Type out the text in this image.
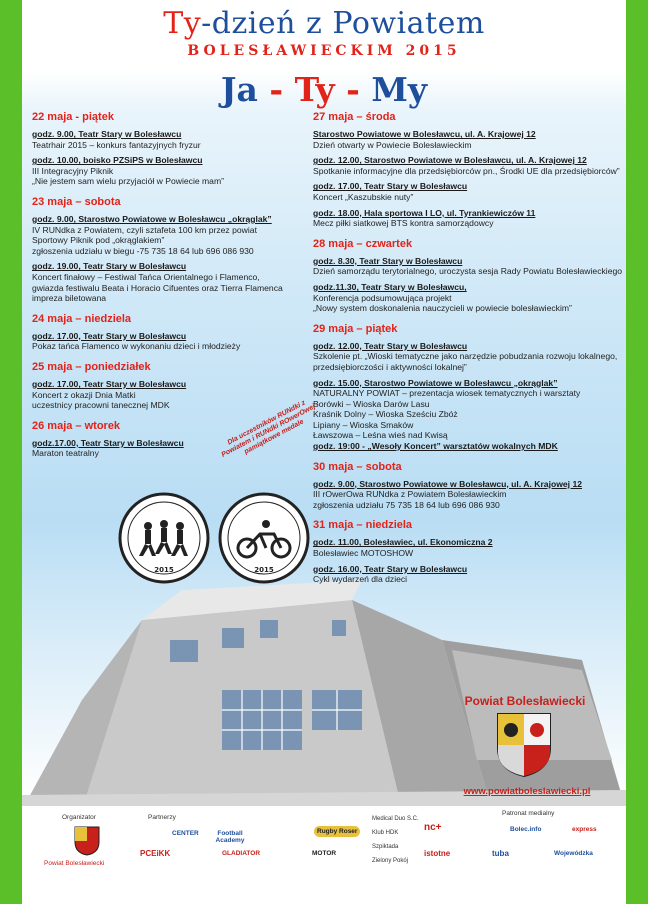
Ty-dzień z Powiatem
BOLESŁAWIECKIM 2015
Ja - Ty - My
22 maja - piątek
godz. 9.00, Teatr Stary w Bolesławcu
Teatrhair 2015 – konkurs fantazyjnych fryzur
godz. 10.00, boisko PZSiPS w Bolesławcu
III Integracyjny Piknik
„Nie jestem sam wielu przyjaciół w Powiecie mam”
23 maja – sobota
godz. 9.00, Starostwo Powiatowe w Bolesławcu „okrąglak”
IV RUNdka z Powiatem, czyli sztafeta 100 km przez powiat
Sportowy Piknik pod „okrąglakiem”
zgłoszenia udziału w biegu -75 735 18 64 lub 696 086 930
godz. 19.00, Teatr Stary w Bolesławcu
Koncert finałowy – Festiwal Tańca Orientalnego i Flamenco,
gwiazda festiwalu Beata i Horacio Cifuentes oraz Tierra Flamenca
impreza biletowana
24 maja – niedziela
godz. 17.00, Teatr Stary w Bolesławcu
Pokaz tańca Flamenco w wykonaniu dzieci i młodzieży
25 maja – poniedziałek
godz. 17.00, Teatr Stary w Bolesławcu
Koncert z okazji Dnia Matki
uczestnicy pracowni tanecznej MDK
26 maja – wtorek
godz.17.00, Teatr Stary w Bolesławcu
Maraton teatralny
27 maja – środa
Starostwo Powiatowe w Bolesławcu, ul. A. Krajowej 12
Dzień otwarty w Powiecie Bolesławieckim
godz. 12.00, Starostwo Powiatowe w Bolesławcu, ul. A. Krajowej 12
Spotkanie informacyjne dla przedsiębiorców pn., Środki UE dla przedsiębiorców”
godz. 17.00, Teatr Stary w Bolesławcu
Koncert „Kaszubskie nuty”
godz. 18.00, Hala sportowa I LO, ul. Tyrankiewiczów 11
Mecz piłki siatkowej BTS kontra samorządowcy
28 maja – czwartek
godz. 8.30, Teatr Stary w Bolesławcu
Dzień samorządu terytorialnego, uroczysta sesja Rady Powiatu Bolesławieckiego
godz.11.30, Teatr Stary w Bolesławcu,
Konferencja podsumowująca projekt
„Nowy system doskonalenia nauczycieli w powiecie bolesławieckim”
29 maja – piątek
godz. 12.00, Teatr Stary w Bolesławcu
Szkolenie pt. „Wioski tematyczne jako narzędzie pobudzania rozwoju lokalnego,
przedsiębiorczości i aktywności lokalnej”
godz. 15.00, Starostwo Powiatowe w Bolesławcu „okrąglak”
NATURALNY POWIAT – prezentacja wiosek tematycznych i warsztaty
Borówki – Wioska Darów Lasu
Kraśnik Dolny – Wioska Sześciu Zbóż
Lipiany – Wioska Smaków
Ławszowa – Leśna wieś nad Kwisą
godz. 19:00 - „Wesoły Koncert” warsztatów wokalnych MDK
30 maja – sobota
godz. 9.00, Starostwo Powiatowe w Bolesławcu, ul. A. Krajowej 12
III rOwerOwa RUNdka z Powiatem Bolesławieckim
zgłoszenia udziału 75 735 18 64 lub 696 086 930
31 maja – niedziela
godz. 11.00, Bolesławiec, ul. Ekonomiczna 2
Bolesławiec MOTOSHOW
godz. 16.00, Teatr Stary w Bolesławcu
Cykl wydarzeń dla dzieci
2015	2015
Dla uczestników RUNdki z Powiatem i RUNdki ROwerOwej - pamiątkowe medale
Powiat Bolesławiecki
www.powiatboleslawiecki.pl
Organizator
Powiat Bolesławiecki
Partnerzy
CENTER	Football Academy
Rugby Roser
PCEiKK	GLADIATOR	MOTOR
Medical Duo S.C.
Klub HDK
Szpiktada
Zielony Pokój
Patronat medialny
nc+	Bolec.info	express
istotne	tuba	Wojewódzka
